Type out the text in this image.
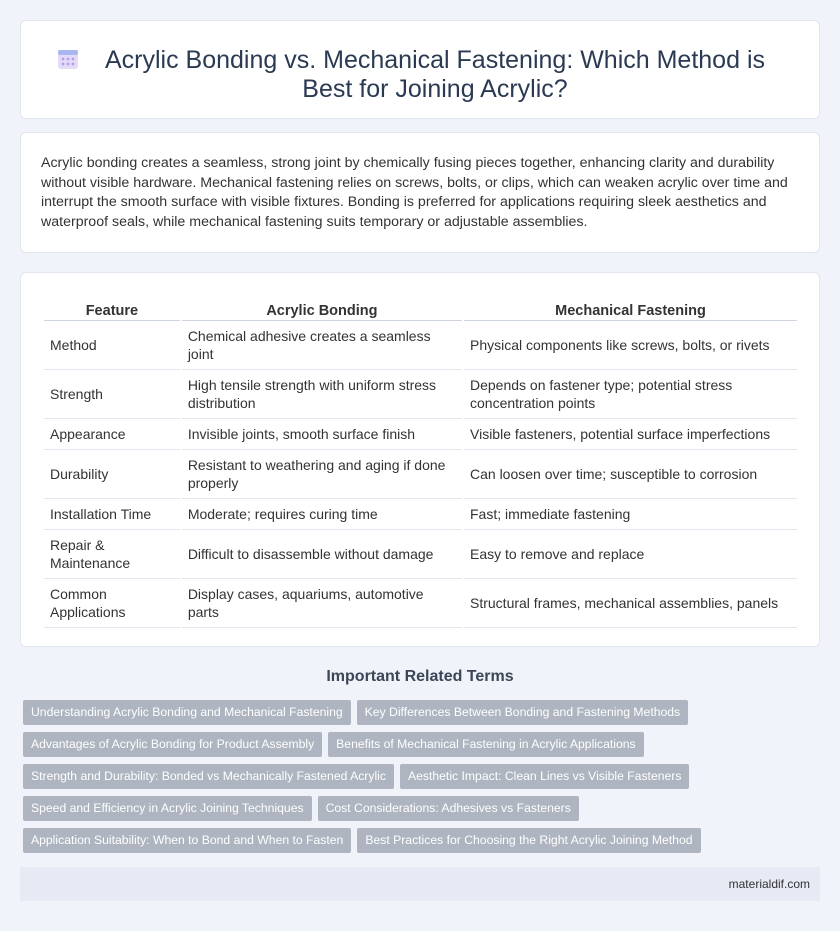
Acrylic Bonding vs. Mechanical Fastening: Which Method is Best for Joining Acrylic?

Acrylic bonding creates a seamless, strong joint by chemically fusing pieces together, enhancing clarity and durability without visible hardware. Mechanical fastening relies on screws, bolts, or clips, which can weaken acrylic over time and interrupt the smooth surface with visible fixtures. Bonding is preferred for applications requiring sleek aesthetics and waterproof seals, while mechanical fastening suits temporary or adjustable assemblies.

Feature	Acrylic Bonding	Mechanical Fastening
Method	Chemical adhesive creates a seamless joint	Physical components like screws, bolts, or rivets
Strength	High tensile strength with uniform stress distribution	Depends on fastener type; potential stress concentration points
Appearance	Invisible joints, smooth surface finish	Visible fasteners, potential surface imperfections
Durability	Resistant to weathering and aging if done properly	Can loosen over time; susceptible to corrosion
Installation Time	Moderate; requires curing time	Fast; immediate fastening
Repair & Maintenance	Difficult to disassemble without damage	Easy to remove and replace
Common Applications	Display cases, aquariums, automotive parts	Structural frames, mechanical assemblies, panels
Important Related Terms
Understanding Acrylic Bonding and Mechanical Fastening Key Differences Between Bonding and Fastening Methods
Advantages of Acrylic Bonding for Product Assembly Benefits of Mechanical Fastening in Acrylic Applications
Strength and Durability: Bonded vs Mechanically Fastened Acrylic Aesthetic Impact: Clean Lines vs Visible Fasteners
Speed and Efficiency in Acrylic Joining Techniques Cost Considerations: Adhesives vs Fasteners
Application Suitability: When to Bond and When to Fasten Best Practices for Choosing the Right Acrylic Joining Method
materialdif.com
